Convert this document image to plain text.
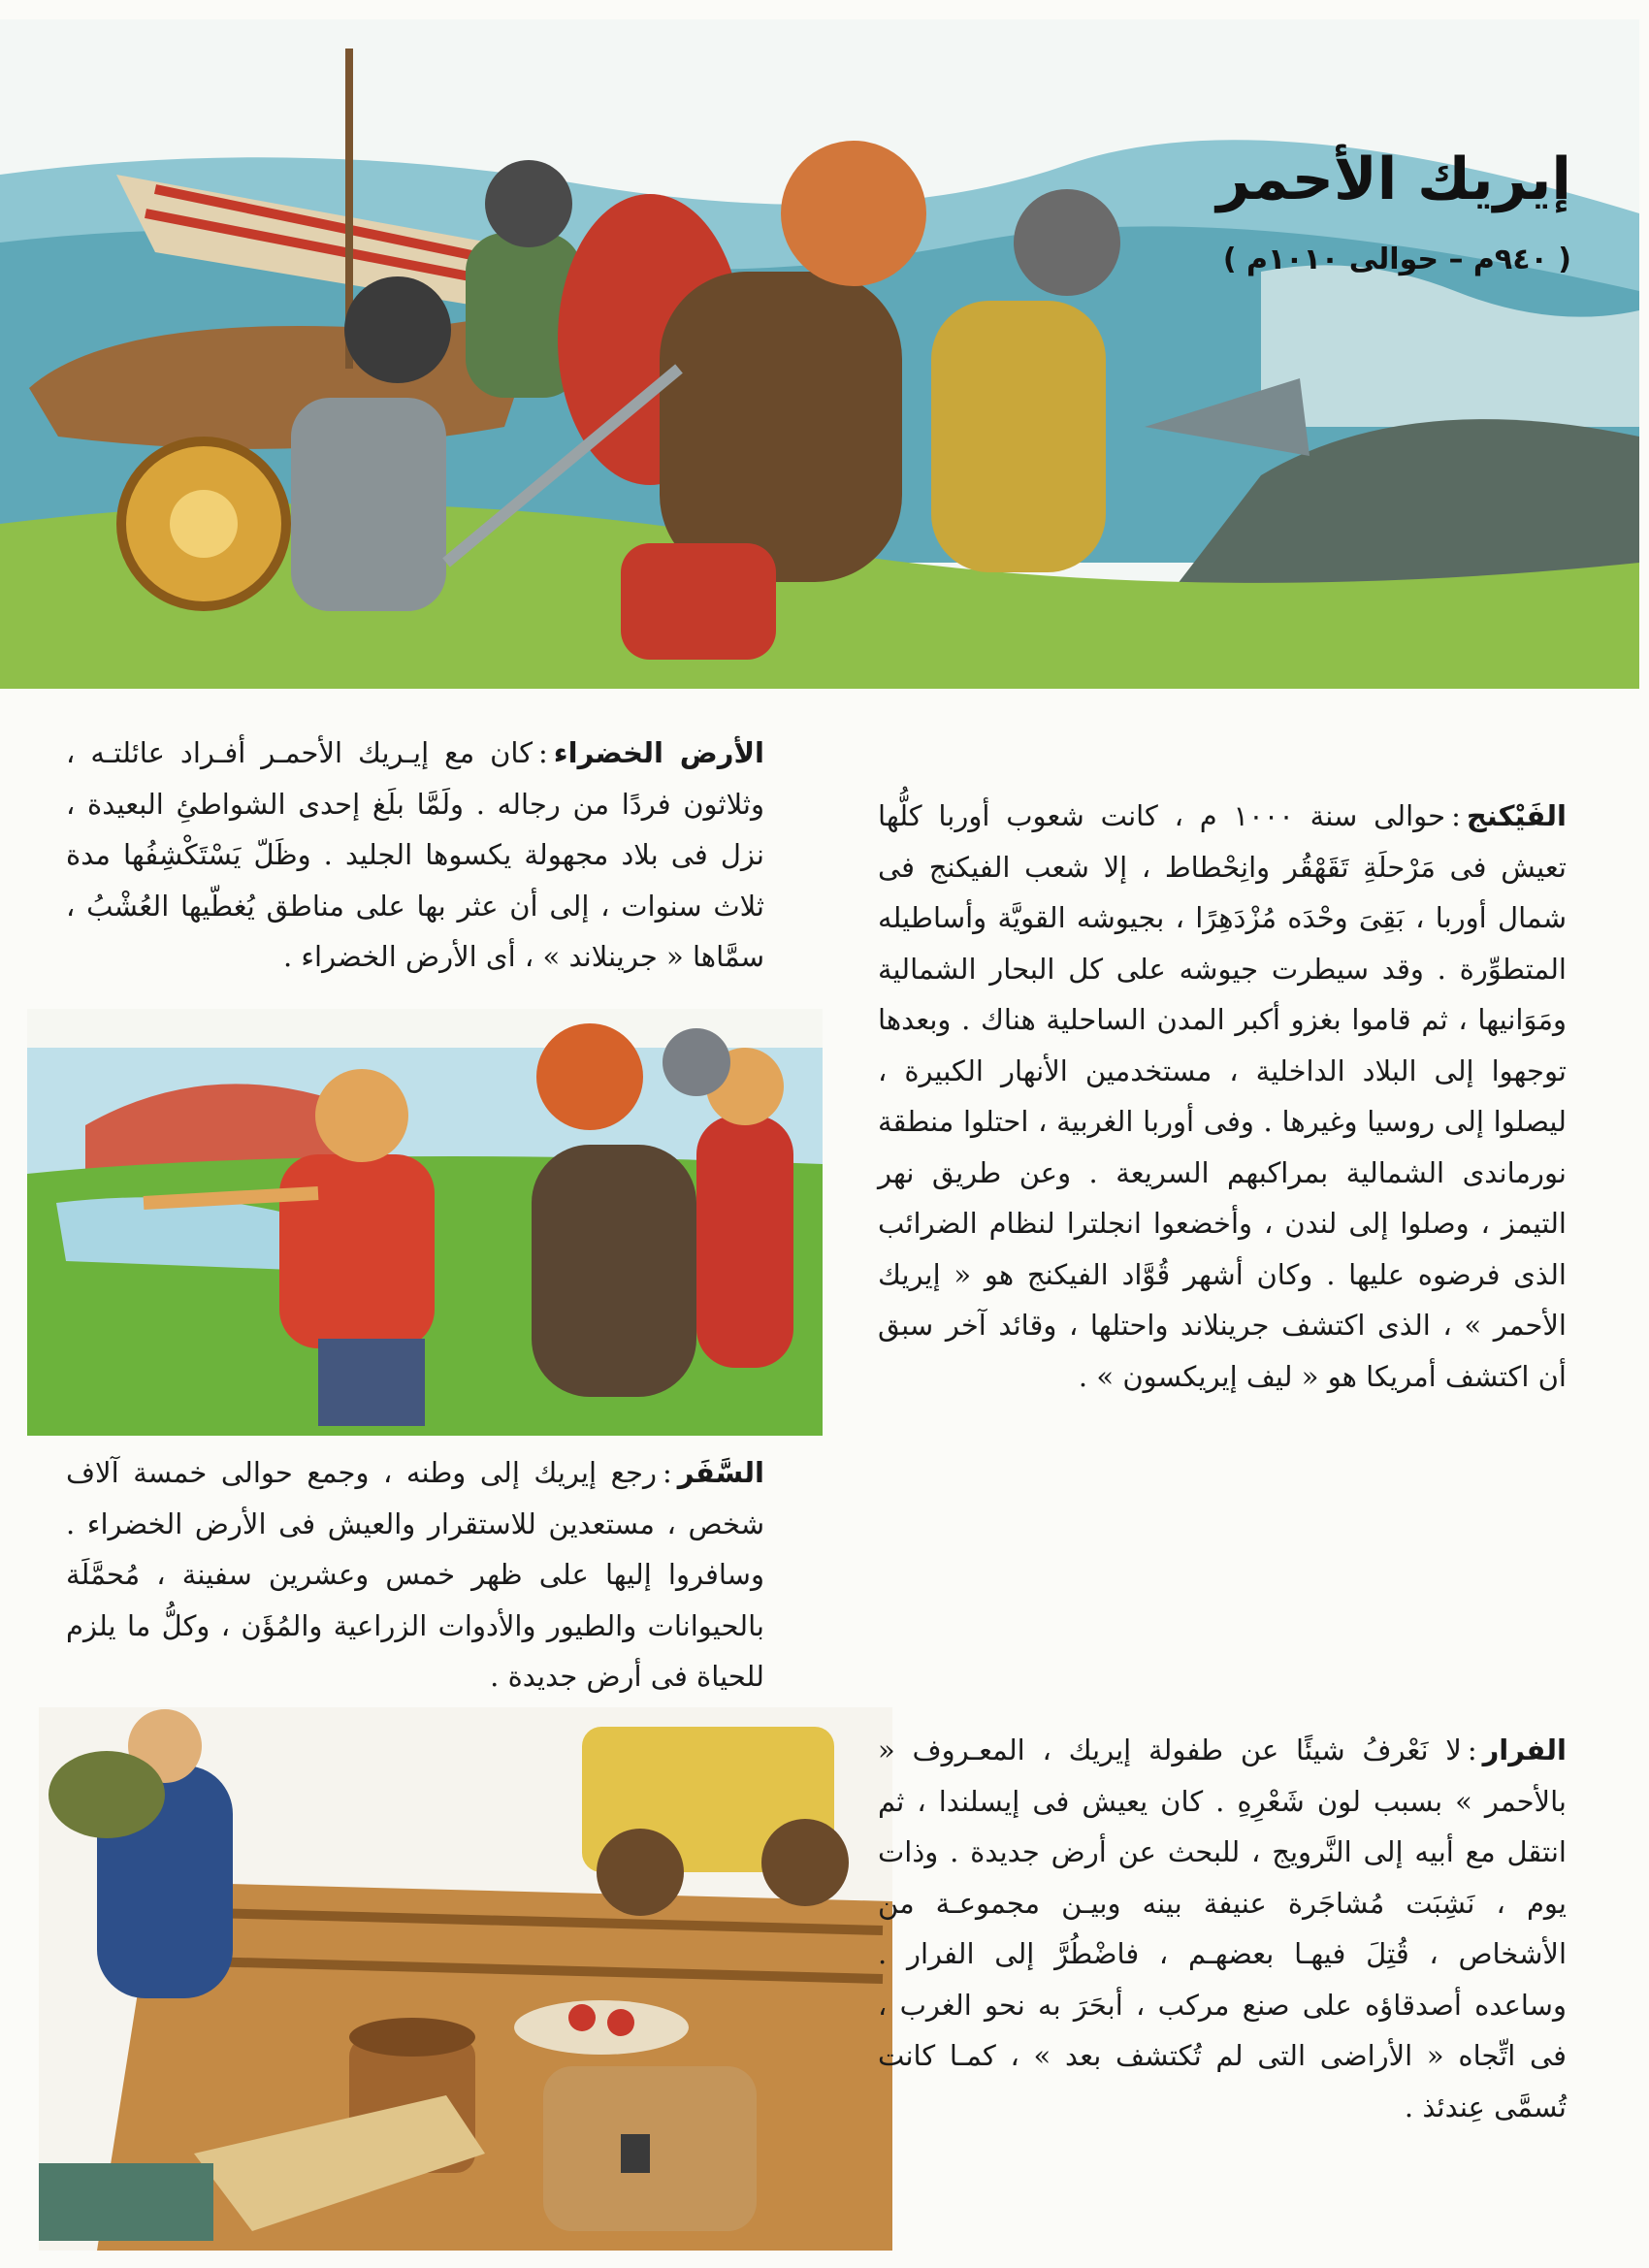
إيريك الأحمر
( ٩٤٠م – حوالى ١٠١٠م )
الأرض الخضراء:كان مع إيـريك الأحمـر أفـراد عائلتـه ، وثلاثون فردًا من رجاله . ولَمَّا بلَغ إحدى الشواطئِ البعيدة ، نزل فى بلاد مجهولة يكسوها الجليد . وظَلّ يَسْتَكْشِفُها مدة ثلاث سنوات ، إلى أن عثر بها على مناطق يُغطّيها العُشْبُ ، سمَّاها « جرينلاند » ، أى الأرض الخضراء .
السَّفَر:رجع إيريك إلى وطنه ، وجمع حوالى خمسة آلاف شخص ، مستعدين للاستقرار والعيش فى الأرض الخضراء . وسافروا إليها على ظهر خمس وعشرين سفينة ، مُحمَّلَة بالحيوانات والطيور والأدوات الزراعية والمُؤَن ، وكلُّ ما يلزم للحياة فى أرض جديدة .
الفَيْكنج:حوالى سنة ١٠٠٠ م ، كانت شعوب أوربا كلُّها تعيش فى مَرْحلَةِ تَقَهْقُر وانِحْطاط ، إلا شعب الفيكنج فى شمال أوربا ، بَقِىَ وحْدَه مُزْدَهِرًا ، بجيوشه القويَّة وأساطيله المتطوِّرة . وقد سيطرت جيوشه على كل البحار الشمالية ومَوَانيها ، ثم قاموا بغزو أكبر المدن الساحلية هناك . وبعدها توجهوا إلى البلاد الداخلية ، مستخدمين الأنهار الكبيرة ، ليصلوا إلى روسيا وغيرها . وفى أوربا الغربية ، احتلوا منطقة نورماندى الشمالية بمراكبهم السريعة . وعن طريق نهر التيمز ، وصلوا إلى لندن ، وأخضعوا انجلترا لنظام الضرائب الذى فرضوه عليها . وكان أشهر قُوَّاد الفيكنج هو « إيريك الأحمر » ، الذى اكتشف جرينلاند واحتلها ، وقائد آخر سبق أن اكتشف أمريكا هو « ليف إيريكسون » .
الفرار:لا نَعْرفُ شيئًا عن طفولة إيريك ، المعـروف « بالأحمر » بسبب لون شَعْرِهِ . كان يعيش فى إيسلندا ، ثم انتقل مع أبيه إلى النَّرويج ، للبحث عن أرض جديدة . وذات يوم ، نَشِبَت مُشاجَرة عنيفة بينه وبيـن مجموعـة من الأشخاص ، قُتِلَ فيهـا بعضهـم ، فاضْطُرَّ إلى الفرار . وساعده أصدقاؤه على صنع مركب ، أبحَرَ به نحو الغرب ، فى اتِّجاه « الأراضى التى لم تُكتشف بعد » ، كمـا كانت تُسمَّى عِندئذ .
